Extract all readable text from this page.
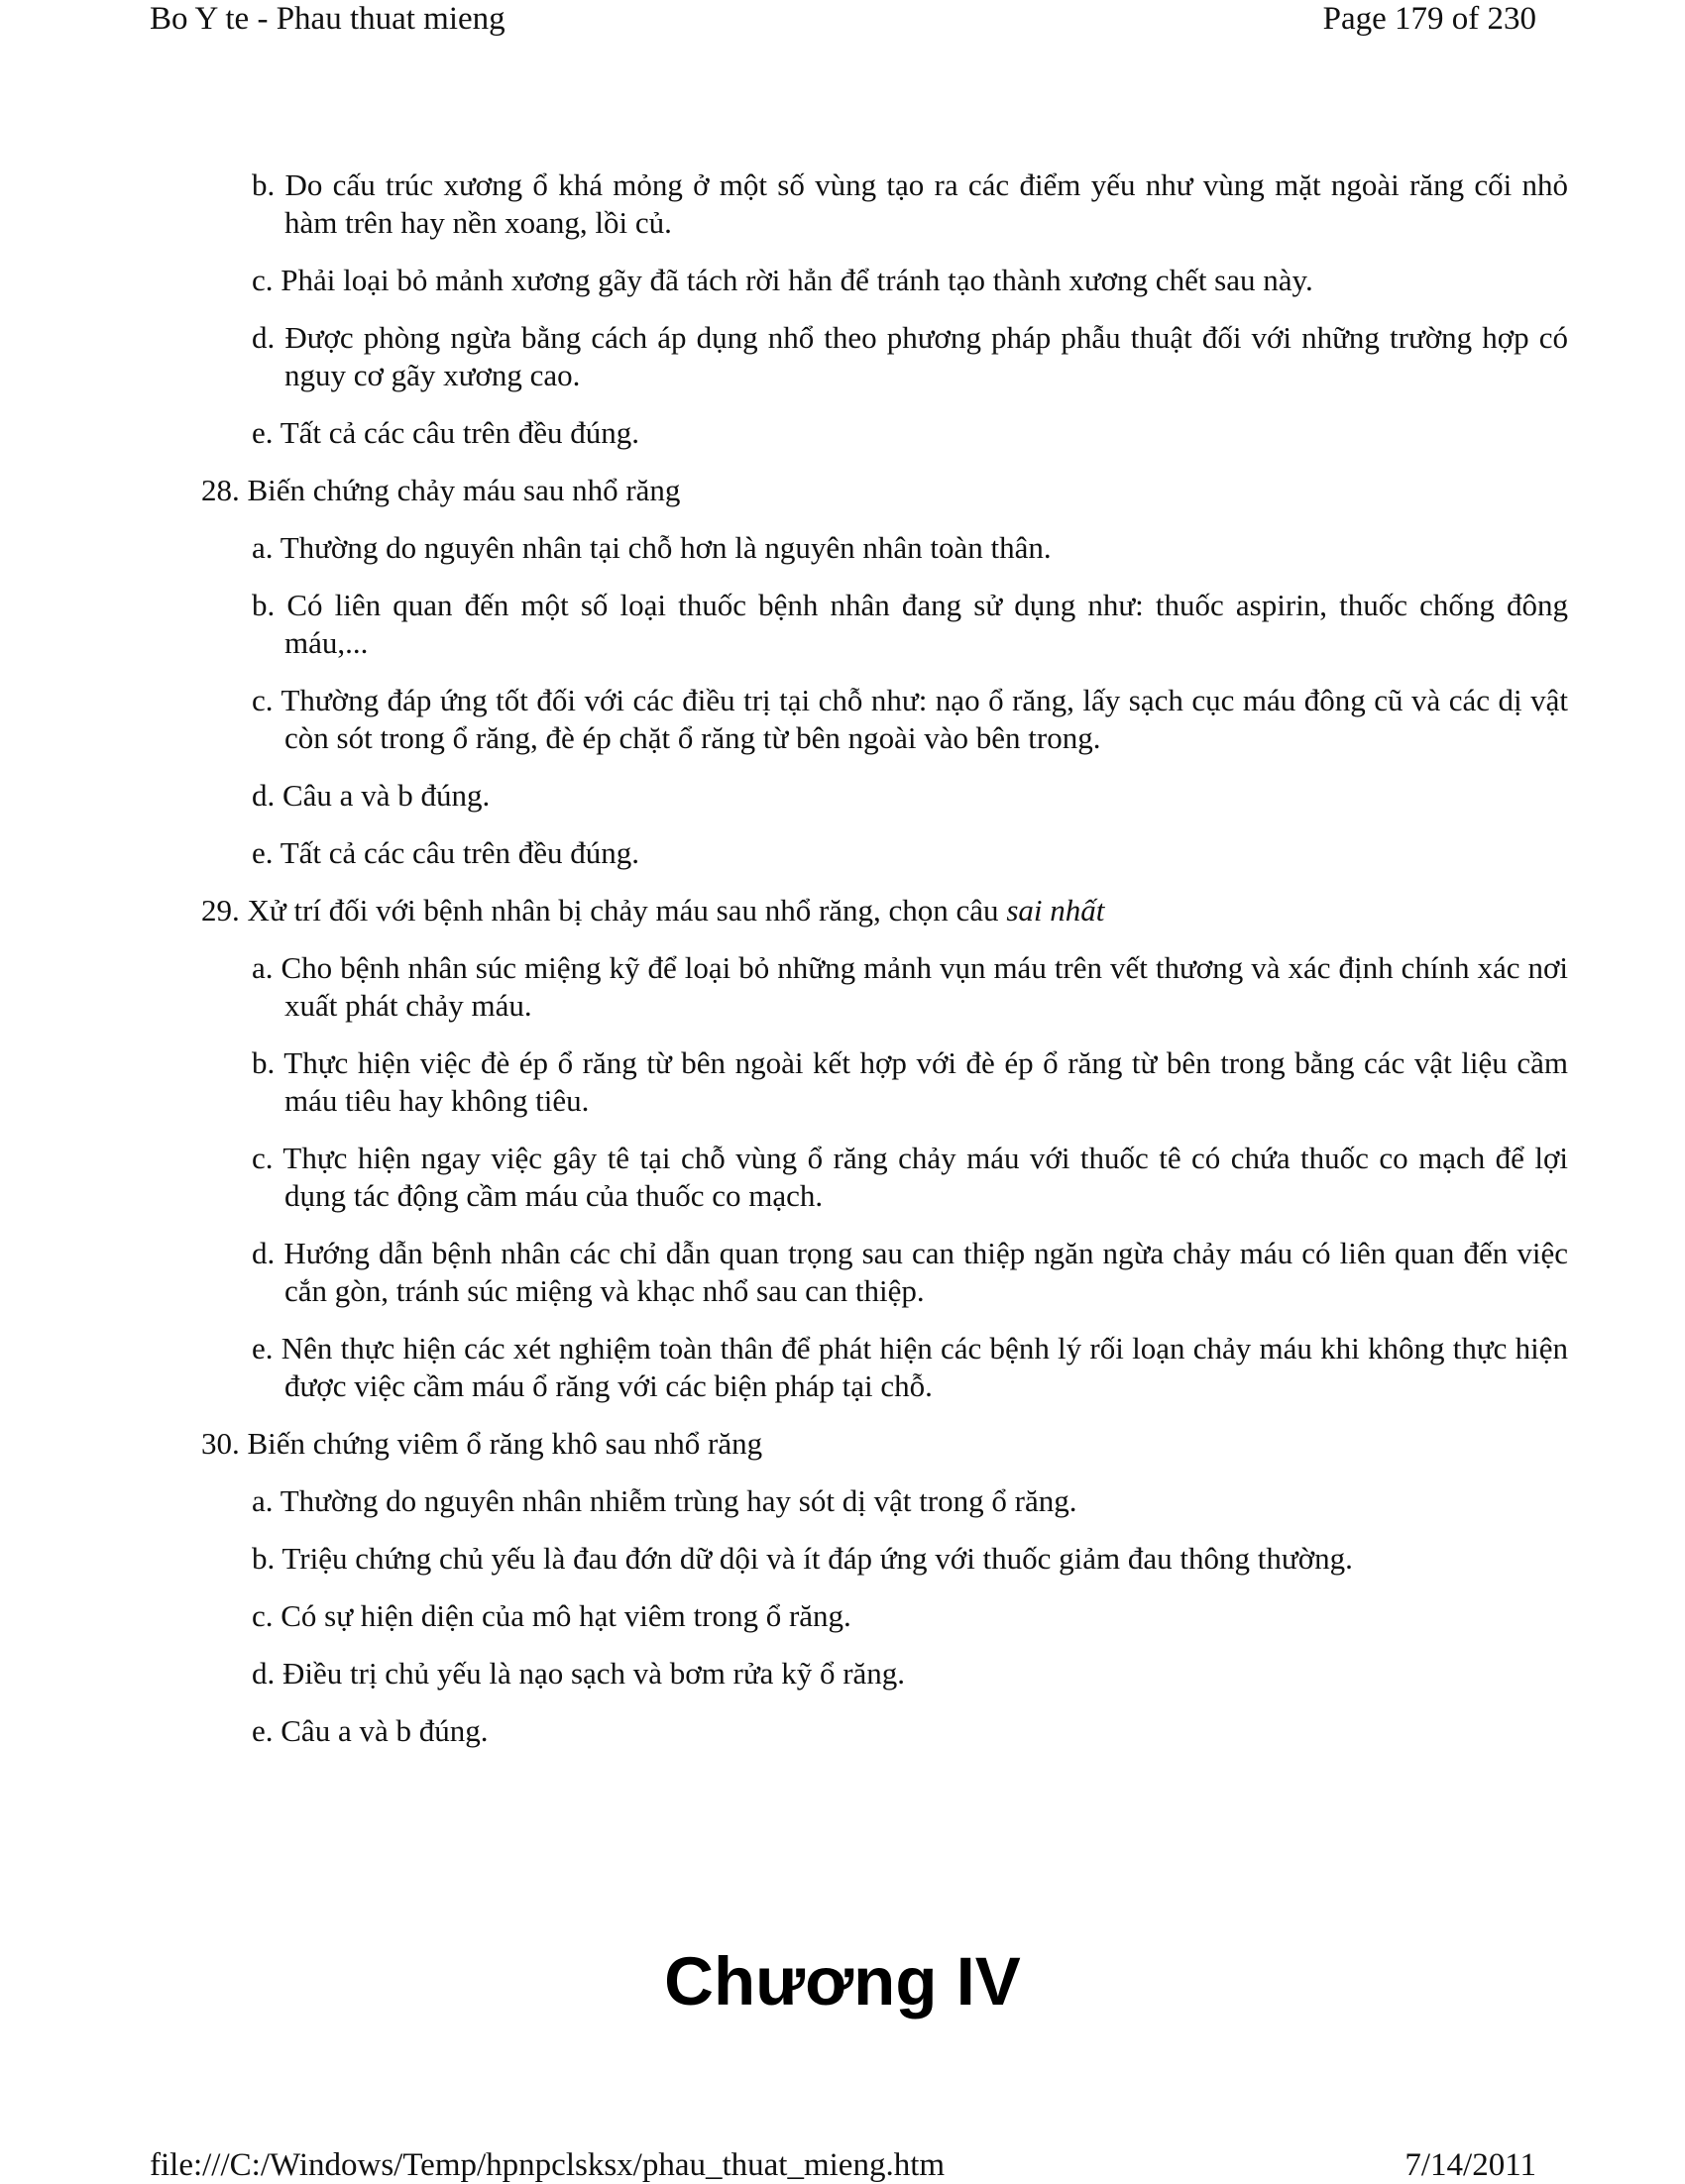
Bo Y te - Phau thuat mieng	Page 179 of 230
b. Do cấu trúc xương ổ khá mỏng ở một số vùng tạo ra các điểm yếu như vùng mặt ngoài răng cối nhỏ hàm trên hay nền xoang, lồi củ.
c. Phải loại bỏ mảnh xương gãy đã tách rời hẳn để tránh tạo thành xương chết sau này.
d. Được phòng ngừa bằng cách áp dụng nhổ theo phương pháp phẫu thuật đối với những trường hợp có nguy cơ gãy xương cao.
e. Tất cả các câu trên đều đúng.
28. Biến chứng chảy máu sau nhổ răng
a. Thường do nguyên nhân tại chỗ hơn là nguyên nhân toàn thân.
b. Có liên quan đến một số loại thuốc bệnh nhân đang sử dụng như: thuốc aspirin, thuốc chống đông máu,...
c. Thường đáp ứng tốt đối với các điều trị tại chỗ như: nạo ổ răng, lấy sạch cục máu đông cũ và các dị vật còn sót trong ổ răng, đè ép chặt ổ răng từ bên ngoài vào bên trong.
d. Câu a và b đúng.
e. Tất cả các câu trên đều đúng.
29. Xử trí đối với bệnh nhân bị chảy máu sau nhổ răng, chọn câu sai nhất
a. Cho bệnh nhân súc miệng kỹ để loại bỏ những mảnh vụn máu trên vết thương và xác định chính xác nơi xuất phát chảy máu.
b. Thực hiện việc đè ép ổ răng từ bên ngoài kết hợp với đè ép ổ răng từ bên trong bằng các vật liệu cầm máu tiêu hay không tiêu.
c. Thực hiện ngay việc gây tê tại chỗ vùng ổ răng chảy máu với thuốc tê có chứa thuốc co mạch để lợi dụng tác động cầm máu của thuốc co mạch.
d. Hướng dẫn bệnh nhân các chỉ dẫn quan trọng sau can thiệp ngăn ngừa chảy máu có liên quan đến việc cắn gòn, tránh súc miệng và khạc nhổ sau can thiệp.
e. Nên thực hiện các xét nghiệm toàn thân để phát hiện các bệnh lý rối loạn chảy máu khi không thực hiện được việc cầm máu ổ răng với các biện pháp tại chỗ.
30. Biến chứng viêm ổ răng khô sau nhổ răng
a. Thường do nguyên nhân nhiễm trùng hay sót dị vật trong ổ răng.
b. Triệu chứng chủ yếu là đau đớn dữ dội và ít đáp ứng với thuốc giảm đau thông thường.
c. Có sự hiện diện của mô hạt viêm trong ổ răng.
d. Điều trị chủ yếu là nạo sạch và bơm rửa kỹ ổ răng.
e. Câu a và b đúng.
Chương IV
file:///C:/Windows/Temp/hpnpclsksx/phau_thuat_mieng.htm	7/14/2011
